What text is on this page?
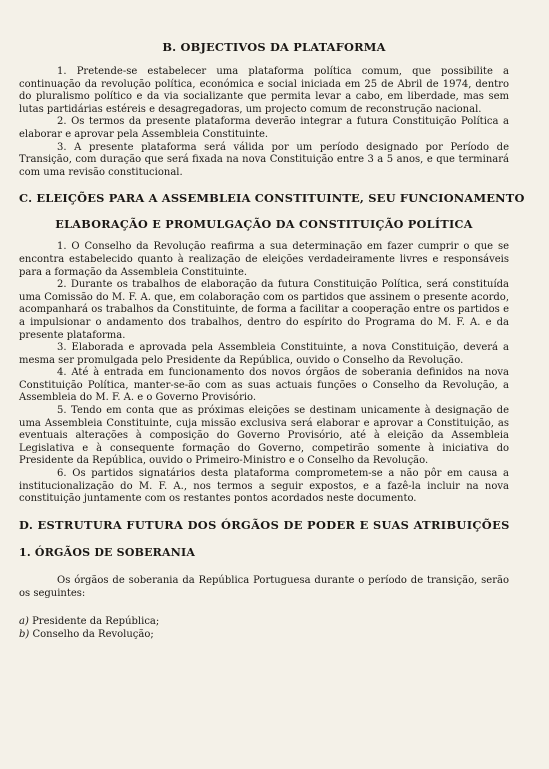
B. OBJECTIVOS DA PLATAFORMA

1. Pretende-se estabelecer uma plataforma política comum, que possibilite a continuação da revolução política, económica e social iniciada em 25 de Abril de 1974, dentro do pluralismo político e da via socializante que permita levar a cabo, em liberdade, mas sem lutas partidárias estéreis e desagregadoras, um projecto comum de reconstrução nacional.

2. Os termos da presente plataforma deverão integrar a futura Constituição Política a elaborar e aprovar pela Assembleia Constituinte.

3. A presente plataforma será válida por um período designado por Período de Transição, com duração que será fixada na nova Constituição entre 3 a 5 anos, e que terminará com uma revisão constitucional.

C. ELEIÇÕES PARA A ASSEMBLEIA CONSTITUINTE, SEU FUNCIONAMENTO
ELABORAÇÃO E PROMULGAÇÃO DA CONSTITUIÇÃO POLÍTICA

1. O Conselho da Revolução reafirma a sua determinação em fazer cumprir o que se encontra estabelecido quanto à realização de eleições verdadeiramente livres e responsáveis para a formação da Assembleia Constituinte.

2. Durante os trabalhos de elaboração da futura Constituição Política, será constituída uma Comissão do M. F. A. que, em colaboração com os partidos que assinem o presente acordo, acompanhará os trabalhos da Constituinte, de forma a facilitar a cooperação entre os partidos e a impulsionar o andamento dos trabalhos, dentro do espírito do Programa do M. F. A. e da presente plataforma.

3. Elaborada e aprovada pela Assembleia Constituinte, a nova Constituição, deverá a mesma ser promulgada pelo Presidente da República, ouvido o Conselho da Revolução.

4. Até à entrada em funcionamento dos novos órgãos de soberania definidos na nova Constituição Política, manter-se-ão com as suas actuais funções o Conselho da Revolução, a Assembleia do M. F. A. e o Governo Provisório.

5. Tendo em conta que as próximas eleições se destinam unicamente à designação de uma Assembleia Constituinte, cuja missão exclusiva será elaborar e aprovar a Constituição, as eventuais alterações à composição do Governo Provisório, até à eleição da Assembleia Legislativa e à consequente formação do Governo, competirão somente à iniciativa do Presidente da República, ouvido o Primeiro-Ministro e o Conselho da Revolução.

6. Os partidos signatários desta plataforma comprometem-se a não pôr em causa a institucionalização do M. F. A., nos termos a seguir expostos, e a fazê-la incluir na nova constituição juntamente com os restantes pontos acordados neste documento.

D. ESTRUTURA FUTURA DOS ÓRGÃOS DE PODER E SUAS ATRIBUIÇÕES
1. ÓRGÃOS DE SOBERANIA

Os órgãos de soberania da República Portuguesa durante o período de transição, serão os seguintes:

a) Presidente da República;

b) Conselho da Revolução;
